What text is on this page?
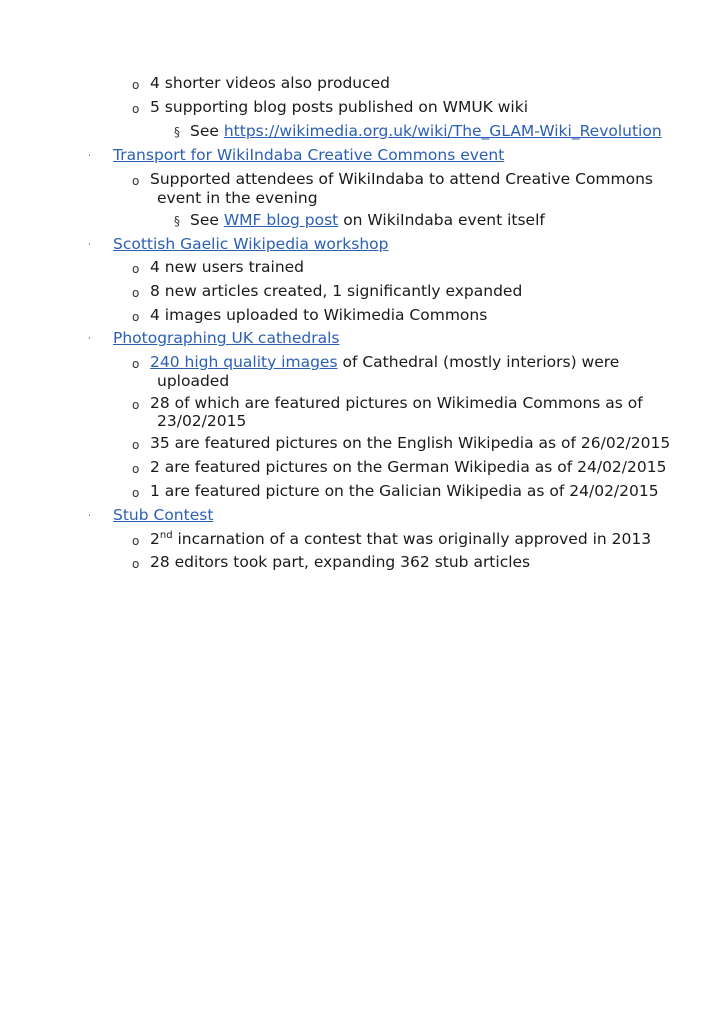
o 4 shorter videos also produced
o 5 supporting blog posts published on WMUK wiki
§ See https://wikimedia.org.uk/wiki/The_GLAM-Wiki_Revolution
· Transport for WikiIndaba Creative Commons event
o Supported attendees of WikiIndaba to attend Creative Commons
event in the evening
§ See WMF blog post on WikiIndaba event itself
· Scottish Gaelic Wikipedia workshop
o 4 new users trained
o 8 new articles created, 1 significantly expanded
o 4 images uploaded to Wikimedia Commons
· Photographing UK cathedrals
o 240 high quality images of Cathedral (mostly interiors) were
uploaded
o 28 of which are featured pictures on Wikimedia Commons as of
23/02/2015
o 35 are featured pictures on the English Wikipedia as of 26/02/2015
o 2 are featured pictures on the German Wikipedia as of 24/02/2015
o 1 are featured picture on the Galician Wikipedia as of 24/02/2015
· Stub Contest
o 2nd incarnation of a contest that was originally approved in 2013
o 28 editors took part, expanding 362 stub articles
